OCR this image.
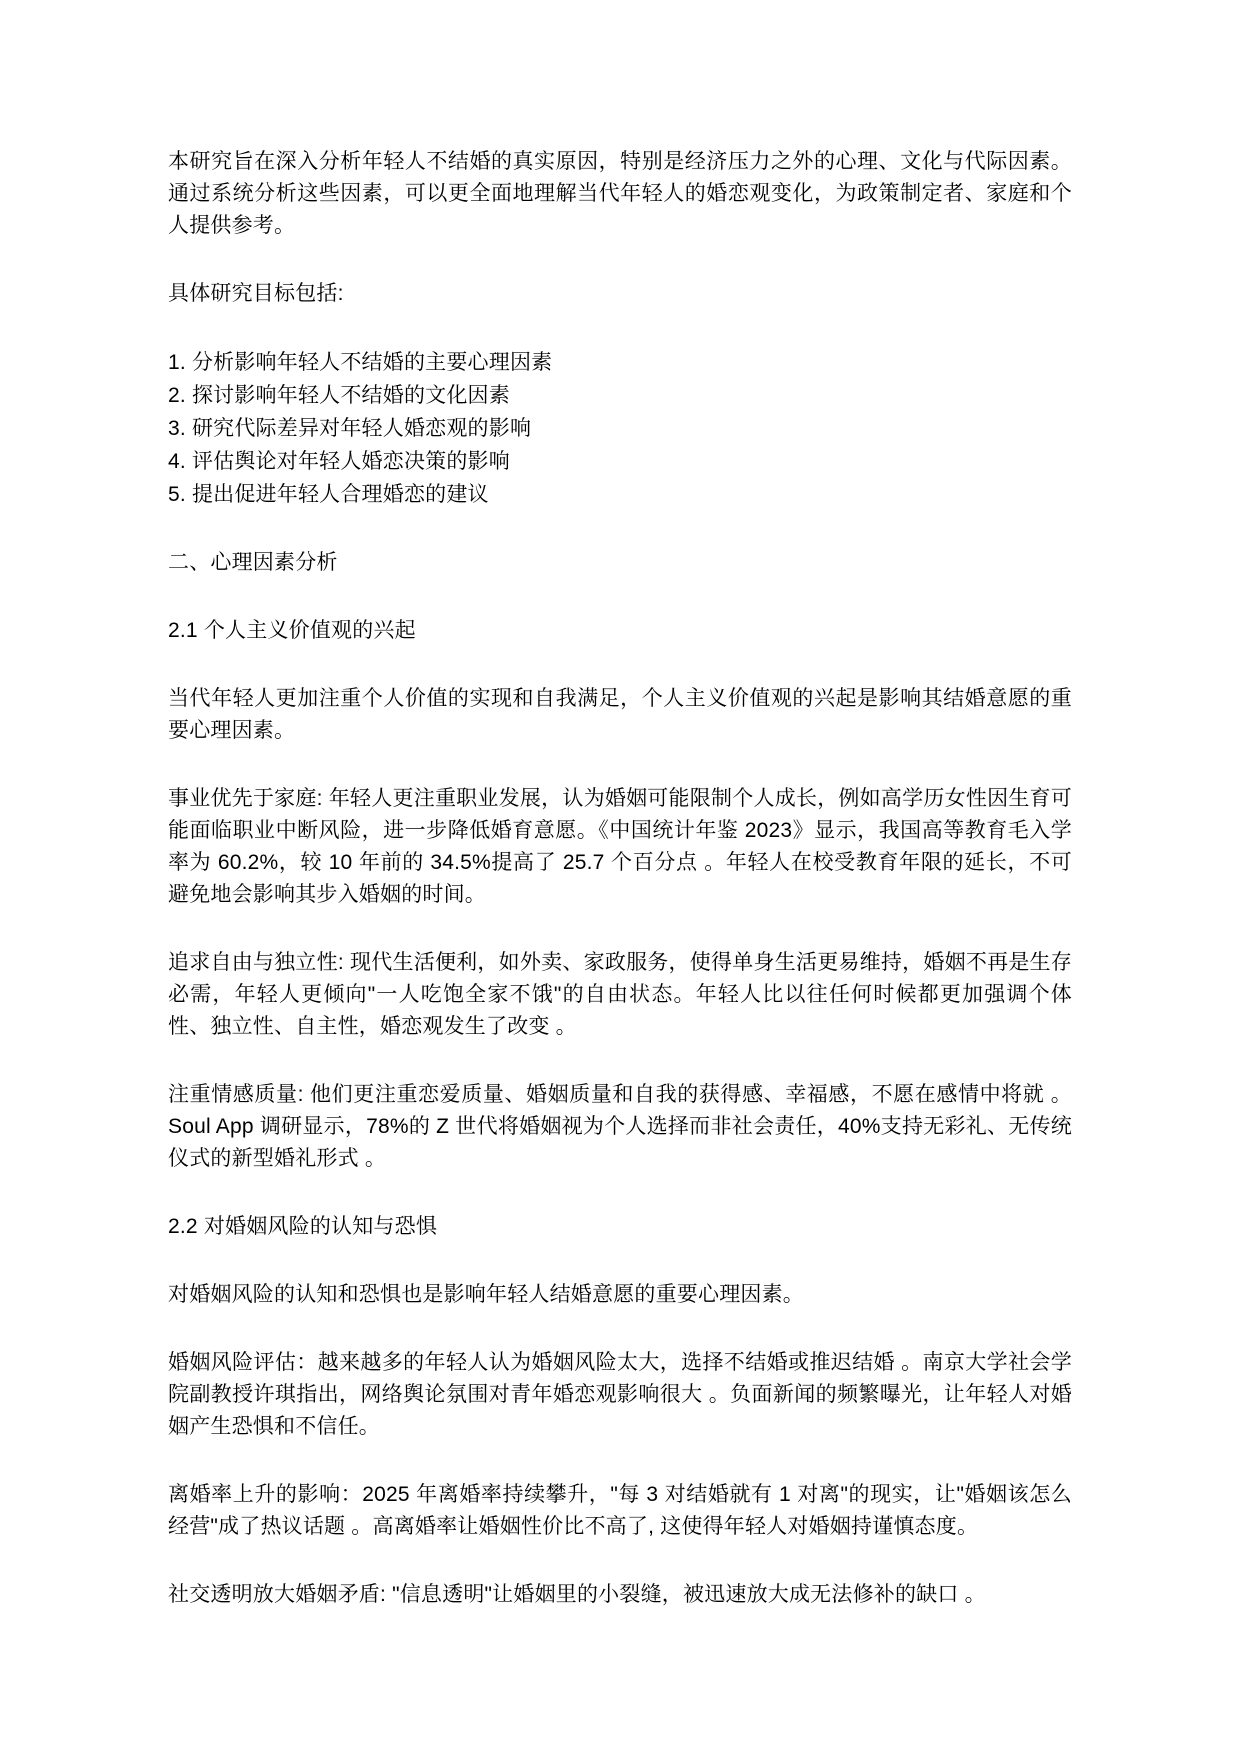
本研究旨在深入分析年轻人不结婚的真实原因，特别是经济压力之外的心理、文化与代际因素。通过系统分析这些因素，可以更全面地理解当代年轻人的婚恋观变化，为政策制定者、家庭和个人提供参考。

具体研究目标包括:

1. 分析影响年轻人不结婚的主要心理因素
2. 探讨影响年轻人不结婚的文化因素
3. 研究代际差异对年轻人婚恋观的影响
4. 评估舆论对年轻人婚恋决策的影响
5. 提出促进年轻人合理婚恋的建议
二、心理因素分析
2.1 个人主义价值观的兴起

当代年轻人更加注重个人价值的实现和自我满足，个人主义价值观的兴起是影响其结婚意愿的重要心理因素。

事业优先于家庭: 年轻人更注重职业发展，认为婚姻可能限制个人成长，例如高学历女性因生育可能面临职业中断风险，进一步降低婚育意愿。《中国统计年鉴 2023》显示，我国高等教育毛入学率为 60.2%，较 10 年前的 34.5%提高了 25.7 个百分点 。年轻人在校受教育年限的延长，不可避免地会影响其步入婚姻的时间。

追求自由与独立性: 现代生活便利，如外卖、家政服务，使得单身生活更易维持，婚姻不再是生存必需，年轻人更倾向"一人吃饱全家不饿"的自由状态。年轻人比以往任何时候都更加强调个体性、独立性、自主性，婚恋观发生了改变 。

注重情感质量: 他们更注重恋爱质量、婚姻质量和自我的获得感、幸福感，不愿在感情中将就 。Soul App 调研显示，78%的 Z 世代将婚姻视为个人选择而非社会责任，40%支持无彩礼、无传统仪式的新型婚礼形式 。

2.2 对婚姻风险的认知与恐惧

对婚姻风险的认知和恐惧也是影响年轻人结婚意愿的重要心理因素。

婚姻风险评估：越来越多的年轻人认为婚姻风险太大，选择不结婚或推迟结婚 。南京大学社会学院副教授许琪指出，网络舆论氛围对青年婚恋观影响很大 。负面新闻的频繁曝光，让年轻人对婚姻产生恐惧和不信任。

离婚率上升的影响：2025 年离婚率持续攀升，"每 3 对结婚就有 1 对离"的现实，让"婚姻该怎么经营"成了热议话题 。高离婚率让婚姻性价比不高了, 这使得年轻人对婚姻持谨慎态度。

社交透明放大婚姻矛盾: "信息透明"让婚姻里的小裂缝，被迅速放大成无法修补的缺口 。
